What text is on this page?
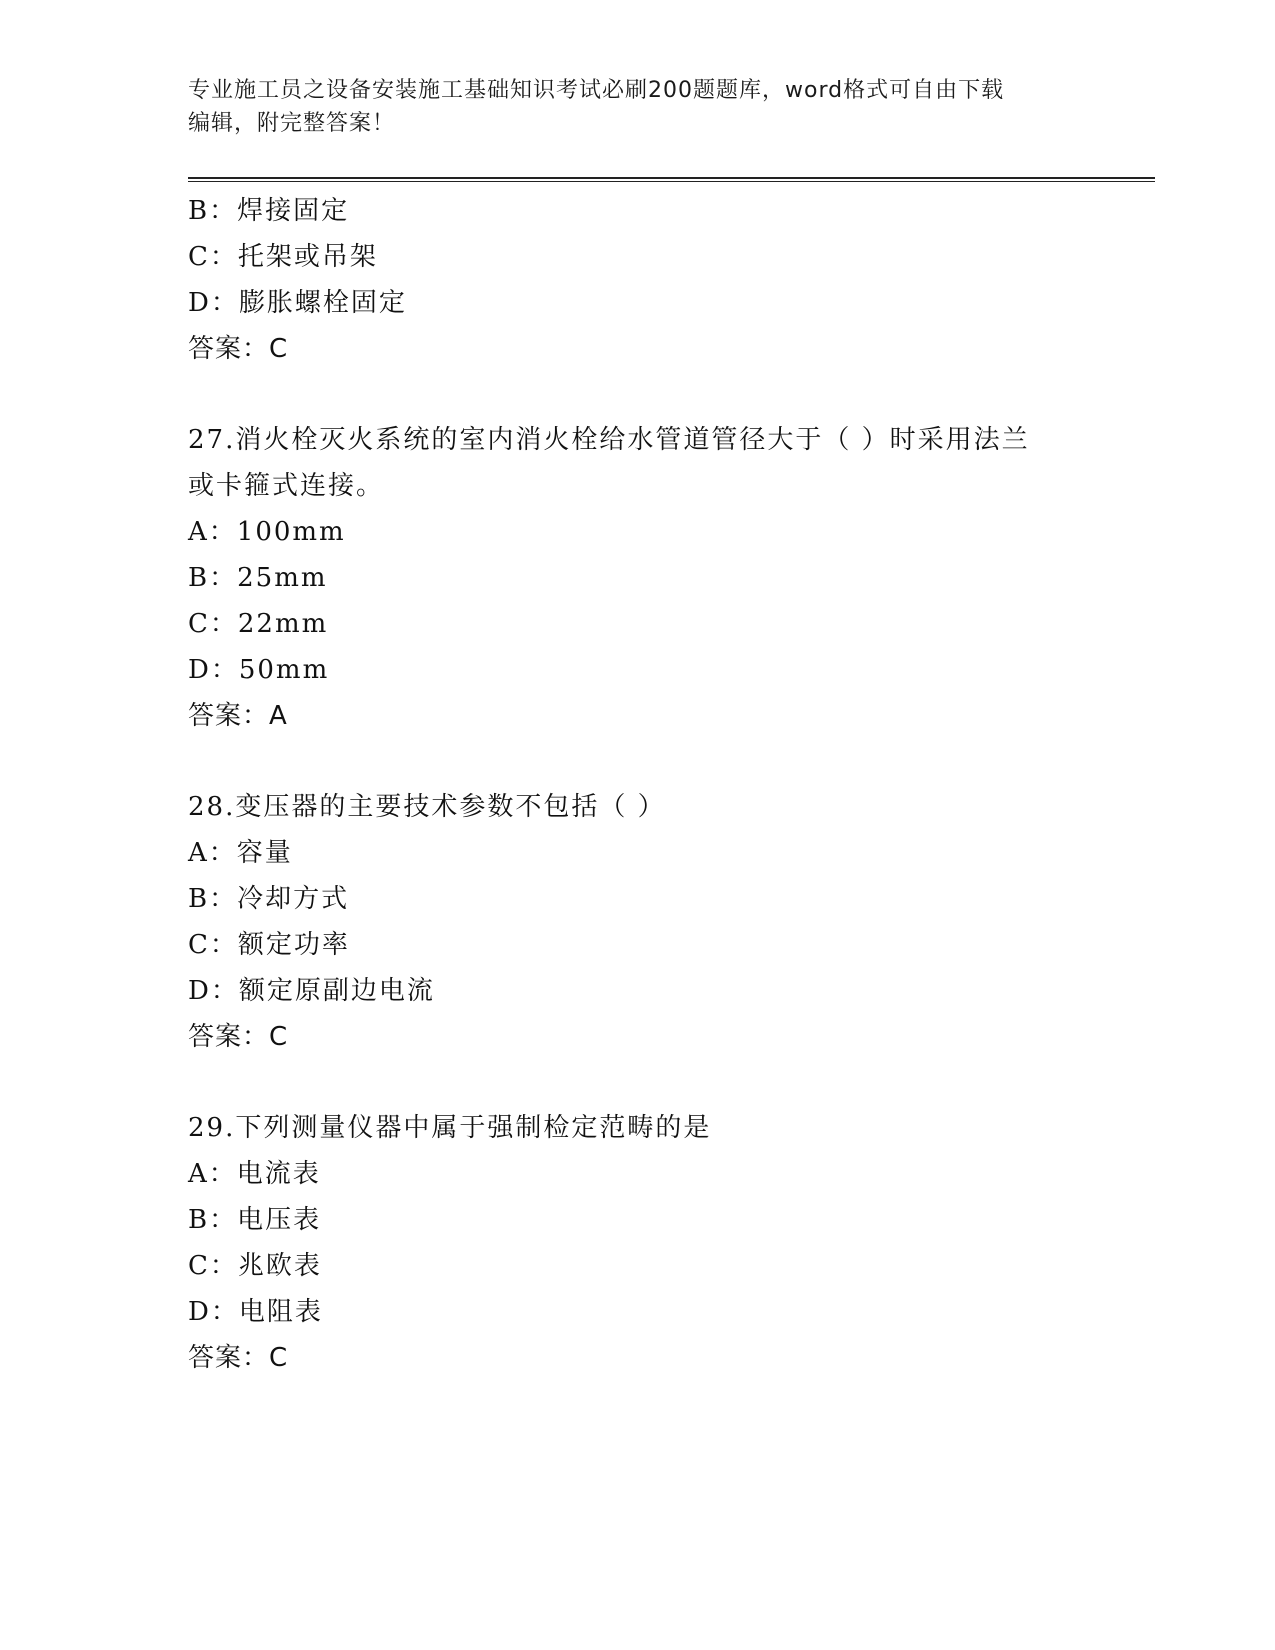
专业施工员之设备安装施工基础知识考试必刷200题题库，word格式可自由下载
编辑，附完整答案！
B：焊接固定
C：托架或吊架
D：膨胀螺栓固定
答案：C
27.消火栓灭火系统的室内消火栓给水管道管径大于（ ）时采用法兰
或卡箍式连接。
A：100mm
B：25mm
C：22mm
D：50mm
答案：A
28.变压器的主要技术参数不包括（ ）
A：容量
B：冷却方式
C：额定功率
D：额定原副边电流
答案：C
29.下列测量仪器中属于强制检定范畴的是
A：电流表
B：电压表
C：兆欧表
D：电阻表
答案：C
